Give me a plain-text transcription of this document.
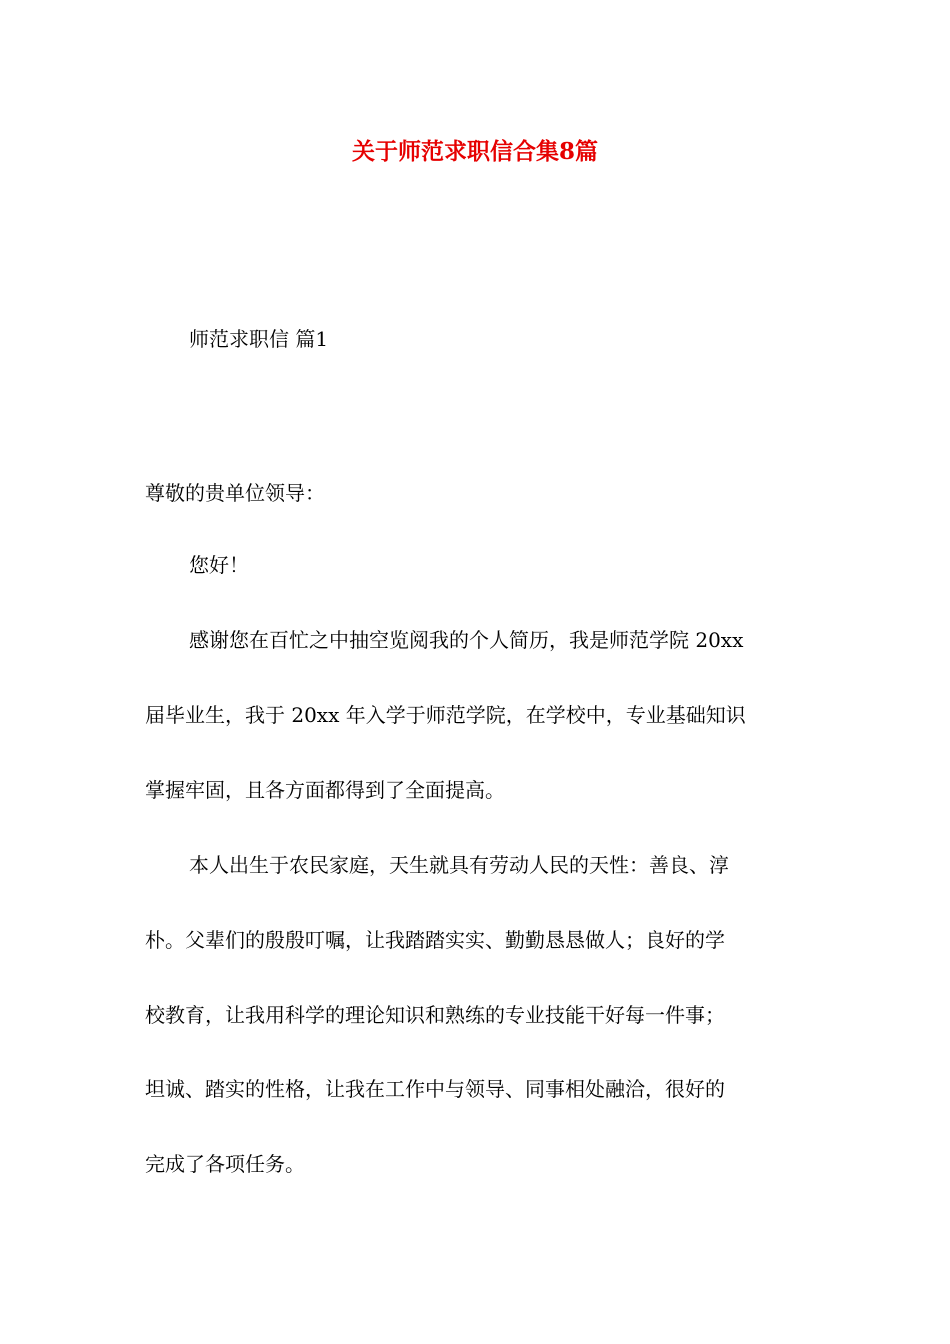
关于师范求职信合集8篇
师范求职信 篇1
尊敬的贵单位领导：
您好！
感谢您在百忙之中抽空览阅我的个人简历，我是师范学院 20xx
届毕业生，我于 20xx 年入学于师范学院，在学校中，专业基础知识
掌握牢固，且各方面都得到了全面提高。
本人出生于农民家庭，天生就具有劳动人民的天性：善良、淳
朴。父辈们的殷殷叮嘱，让我踏踏实实、勤勤恳恳做人；良好的学
校教育，让我用科学的理论知识和熟练的专业技能干好每一件事；
坦诚、踏实的性格，让我在工作中与领导、同事相处融洽，很好的
完成了各项任务。
